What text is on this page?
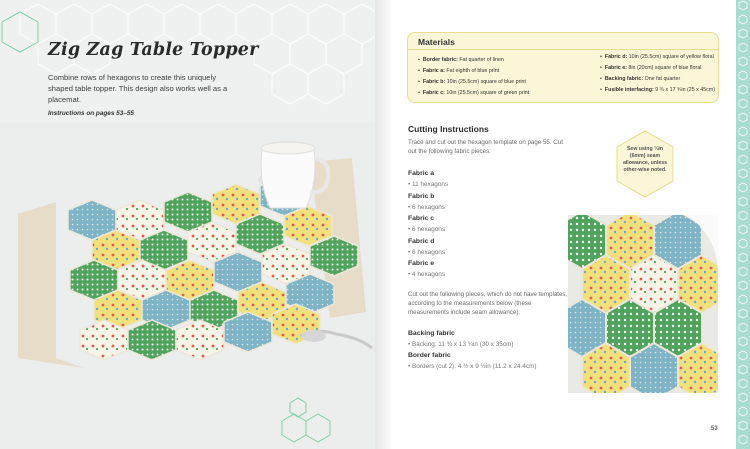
Zig Zag Table Topper

Combine rows of hexagons to create this uniquely shaped table topper. This design also works well as a placemat.

Instructions on pages 53–55

Materials
• Border fabric: Fat quarter of linen
• Fabric a: Fat eighth of blue print
• Fabric b: 10in (25.5cm) square of blue print
• Fabric c: 10in (25.5cm) square of green print
• Fabric d: 10in (25.5cm) square of yellow floral
• Fabric e: 8in (20cm) square of blue floral
• Backing fabric: One fat quarter
• Fusible interfacing: 9 ¾ x 17 ¾in (25 x 45cm)
Cutting Instructions

Trace and cut out the hexagon template on page 55. Cut out the following fabric pieces:

Fabric a
• 11 hexagons
Fabric b
• 6 hexagons
Fabric c
• 6 hexagons
Fabric d
• 6 hexagons
Fabric e
• 4 hexagons

Cut out the following pieces, which do not have templates, according to the measurements below (these measurements include seam allowance):

Backing fabric

• Backing: 11 ¾ x 13 ¾in (30 x 35cm)

Border fabric

• Borders (cut 2): 4 ½ x 9 ½in (11.2 x 24.4cm)

Sew using ¼in (6mm) seam allowance, unless other-wise noted.

53
